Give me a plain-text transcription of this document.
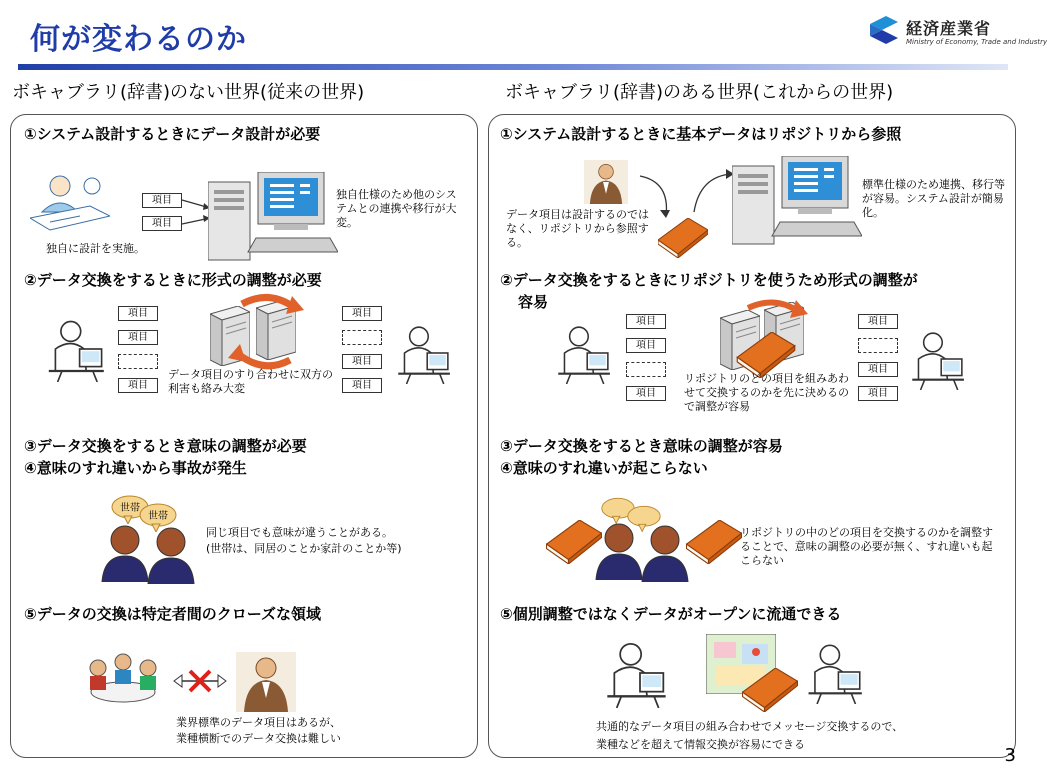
何が変わるのか	経済産業省
Ministry of Economy, Trade and Industry
ボキャブラリ(辞書)のない世界(従来の世界)	ボキャブラリ(辞書)のある世界(これからの世界)
①システム設計するときにデータ設計が必要
項目
項目
独自に設計を実施。
独自仕様のため他のシステムとの連携や移行が大変。
②データ交換をするときに形式の調整が必要
項目
項目
項目
項目
項目
項目
データ項目のすり合わせに双方の利害も絡み大変
③データ交換をするとき意味の調整が必要
④意味のすれ違いから事故が発生
世帯
世帯
同じ項目でも意味が違うことがある。
(世帯は、同居のことか家計のことか等)
⑤データの交換は特定者間のクローズな領域
業界標準のデータ項目はあるが、
業種横断でのデータ交換は難しい
①システム設計するときに基本データはリポジトリから参照
データ項目は設計するのではなく、リポジトリから参照する。
標準仕様のため連携、移行等が容易。システム設計が簡易化。
②データ交換をするときにリポジトリを使うため形式の調整が
容易
項目
項目
項目
項目
項目
項目
リポジトリのどの項目を組みあわせて交換するのかを先に決めるので調整が容易
③データ交換をするとき意味の調整が容易
④意味のすれ違いが起こらない
リポジトリの中のどの項目を交換するのかを調整することで、意味の調整の必要が無く、すれ違いも起こらない
⑤個別調整ではなくデータがオープンに流通できる
共通的なデータ項目の組み合わせでメッセージ交換するので、
業種などを超えて情報交換が容易にできる
3
